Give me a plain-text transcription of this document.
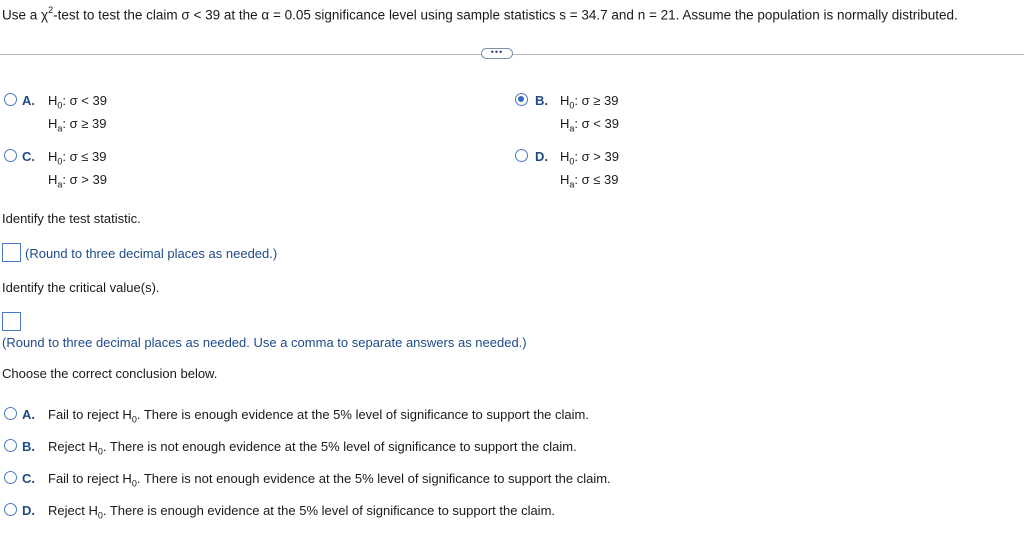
Use a $\chi^2$-test to test the claim σ < 39 at the α = 0.05 significance level using sample statistics s = 34.7 and n = 21. Assume the population is normally distributed.
•••
A. $H_0$: σ < 39
$H_a$: σ ≥ 39
B. $H_0$: σ ≥ 39
$H_a$: σ < 39
C. $H_0$: σ ≤ 39
$H_a$: σ > 39
D. $H_0$: σ > 39
$H_a$: σ ≤ 39
Identify the test statistic.
(Round to three decimal places as needed.)
Identify the critical value(s).
(Round to three decimal places as needed. Use a comma to separate answers as needed.)
Choose the correct conclusion below.
A. Fail to reject $H_0$. There is enough evidence at the 5% level of significance to support the claim.
B. Reject $H_0$. There is not enough evidence at the 5% level of significance to support the claim.
C. Fail to reject $H_0$. There is not enough evidence at the 5% level of significance to support the claim.
D. Reject $H_0$. There is enough evidence at the 5% level of significance to support the claim.
